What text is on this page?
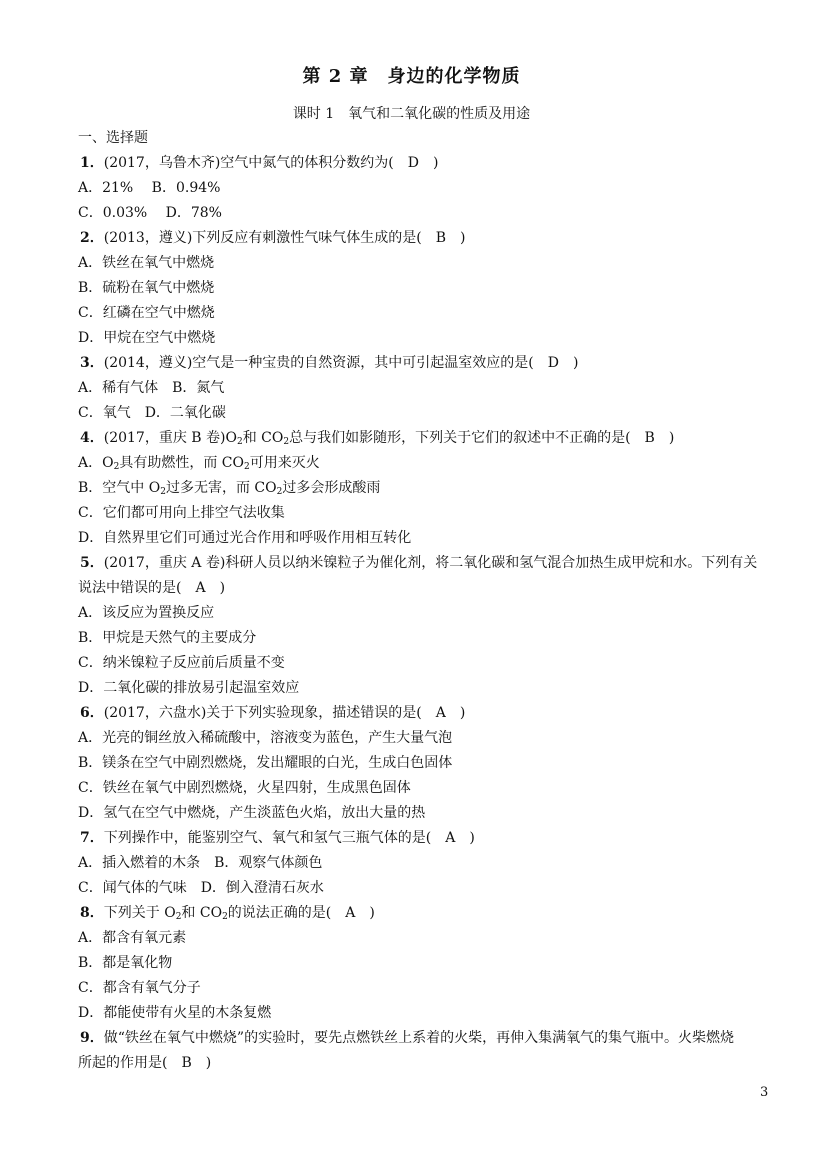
第 2 章　身边的化学物质
课时 1　氧气和二氧化碳的性质及用途
一、选择题
1．(2017，乌鲁木齐)空气中氮气的体积分数约为(　D　)
A．21%　 B．0.94%
C．0.03%　 D．78%
2．(2013，遵义)下列反应有刺激性气味气体生成的是(　B　)
A．铁丝在氧气中燃烧
B．硫粉在氧气中燃烧
C．红磷在空气中燃烧
D．甲烷在空气中燃烧
3．(2014，遵义)空气是一种宝贵的自然资源，其中可引起温室效应的是(　D　)
A．稀有气体　B．氮气
C．氧气　D．二氧化碳
4．(2017，重庆 B 卷)$O_2$和 $CO_2$总与我们如影随形，下列关于它们的叙述中不正确的是(　B　)
A．$O_2$具有助燃性，而 $CO_2$可用来灭火
B．空气中 $O_2$过多无害，而 $CO_2$过多会形成酸雨
C．它们都可用向上排空气法收集
D．自然界里它们可通过光合作用和呼吸作用相互转化
5．(2017，重庆 A 卷)科研人员以纳米镍粒子为催化剂，将二氧化碳和氢气混合加热生成甲烷和水。下列有关
说法中错误的是(　A　)
A．该反应为置换反应
B．甲烷是天然气的主要成分
C．纳米镍粒子反应前后质量不变
D．二氧化碳的排放易引起温室效应
6．(2017，六盘水)关于下列实验现象，描述错误的是(　A　)
A．光亮的铜丝放入稀硫酸中，溶液变为蓝色，产生大量气泡
B．镁条在空气中剧烈燃烧，发出耀眼的白光，生成白色固体
C．铁丝在氧气中剧烈燃烧，火星四射，生成黑色固体
D．氢气在空气中燃烧，产生淡蓝色火焰，放出大量的热
7．下列操作中，能鉴别空气、氧气和氢气三瓶气体的是(　A　)
A．插入燃着的木条　B．观察气体颜色
C．闻气体的气味　D．倒入澄清石灰水
8．下列关于 $O_2$和 $CO_2$的说法正确的是(　A　)
A．都含有氧元素
B．都是氧化物
C．都含有氧气分子
D．都能使带有火星的木条复燃
9．做“铁丝在氧气中燃烧”的实验时，要先点燃铁丝上系着的火柴，再伸入集满氧气的集气瓶中。火柴燃烧
所起的作用是(　B　)
3
